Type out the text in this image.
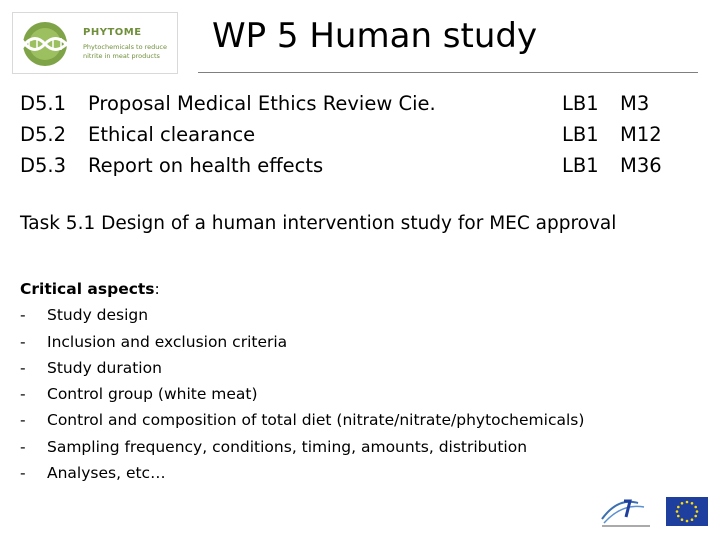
PHYTOME
Phytochemicals to reduce nitrite in meat products	WP 5 Human study
D5.1 Proposal Medical Ethics Review Cie.	LB1 M3
D5.2 Ethical clearance	LB1 M12
D5.3 Report on health effects	LB1 M36
Task 5.1 Design of a human intervention study for MEC approval
Critical aspects:
- Study design
- Inclusion and exclusion criteria
- Study duration
- Control group (white meat)
- Control and composition of total diet (nitrate/nitrate/phytochemicals)
- Sampling frequency, conditions, timing, amounts, distribution
- Analyses, etc…
